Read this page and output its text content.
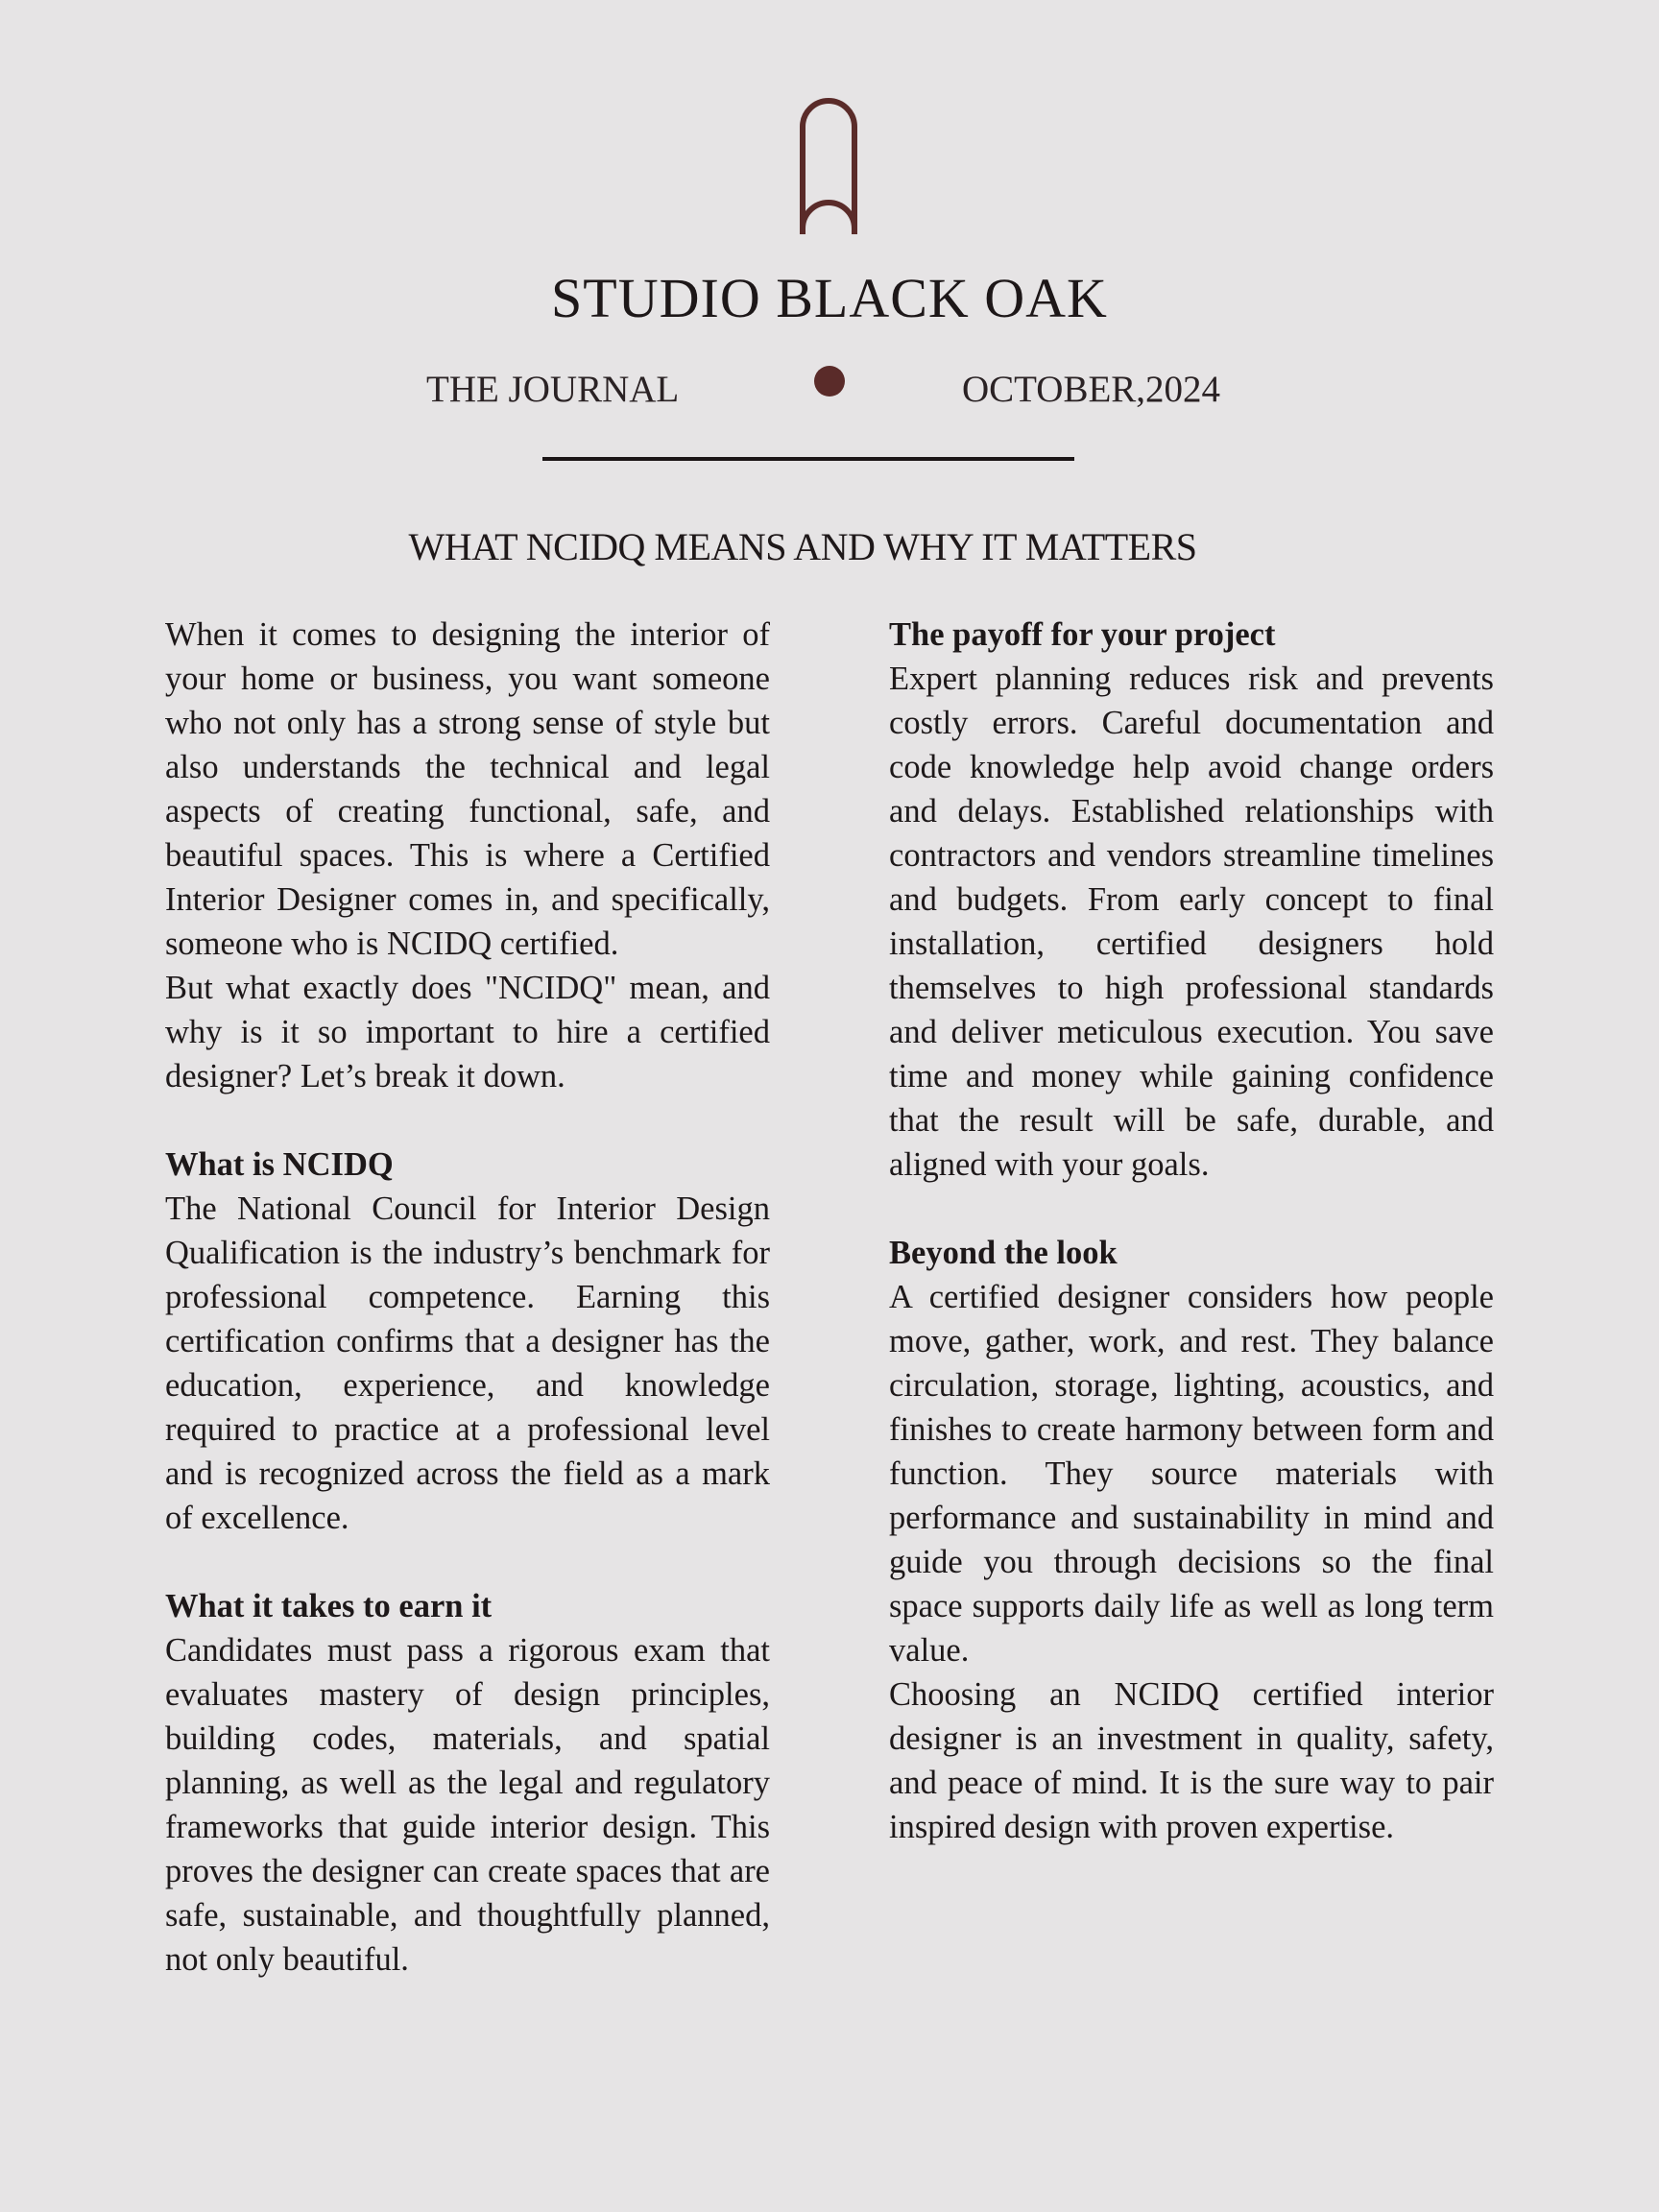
STUDIO BLACK OAK
THE JOURNAL	OCTOBER,2024
WHAT NCIDQ MEANS AND WHY IT MATTERS

When it comes to designing the interior of your home or business, you want someone who not only has a strong sense of style but also understands the technical and legal aspects of creating functional, safe, and beautiful spaces. This is where a Certified Interior Designer comes in, and specifically, someone who is NCIDQ certified.

But what exactly does "NCIDQ" mean, and why is it so important to hire a certified designer? Let’s break it down.

What is NCIDQ

The National Council for Interior Design Qualification is the industry’s benchmark for professional competence. Earning this certification confirms that a designer has the education, experience, and knowledge required to practice at a professional level and is recognized across the field as a mark of excellence.

What it takes to earn it

Candidates must pass a rigorous exam that evaluates mastery of design principles, building codes, materials, and spatial planning, as well as the legal and regulatory frameworks that guide interior design. This proves the designer can create spaces that are safe, sustainable, and thoughtfully planned, not only beautiful.

The payoff for your project

Expert planning reduces risk and prevents costly errors. Careful documentation and code knowledge help avoid change orders and delays. Established relationships with contractors and vendors streamline timelines and budgets. From early concept to final installation, certified designers hold themselves to high professional standards and deliver meticulous execution. You save time and money while gaining confidence that the result will be safe, durable, and aligned with your goals.

Beyond the look

A certified designer considers how people move, gather, work, and rest. They balance circulation, storage, lighting, acoustics, and finishes to create harmony between form and function. They source materials with performance and sustainability in mind and guide you through decisions so the final space supports daily life as well as long term value.

Choosing an NCIDQ certified interior designer is an investment in quality, safety, and peace of mind. It is the sure way to pair inspired design with proven expertise.
